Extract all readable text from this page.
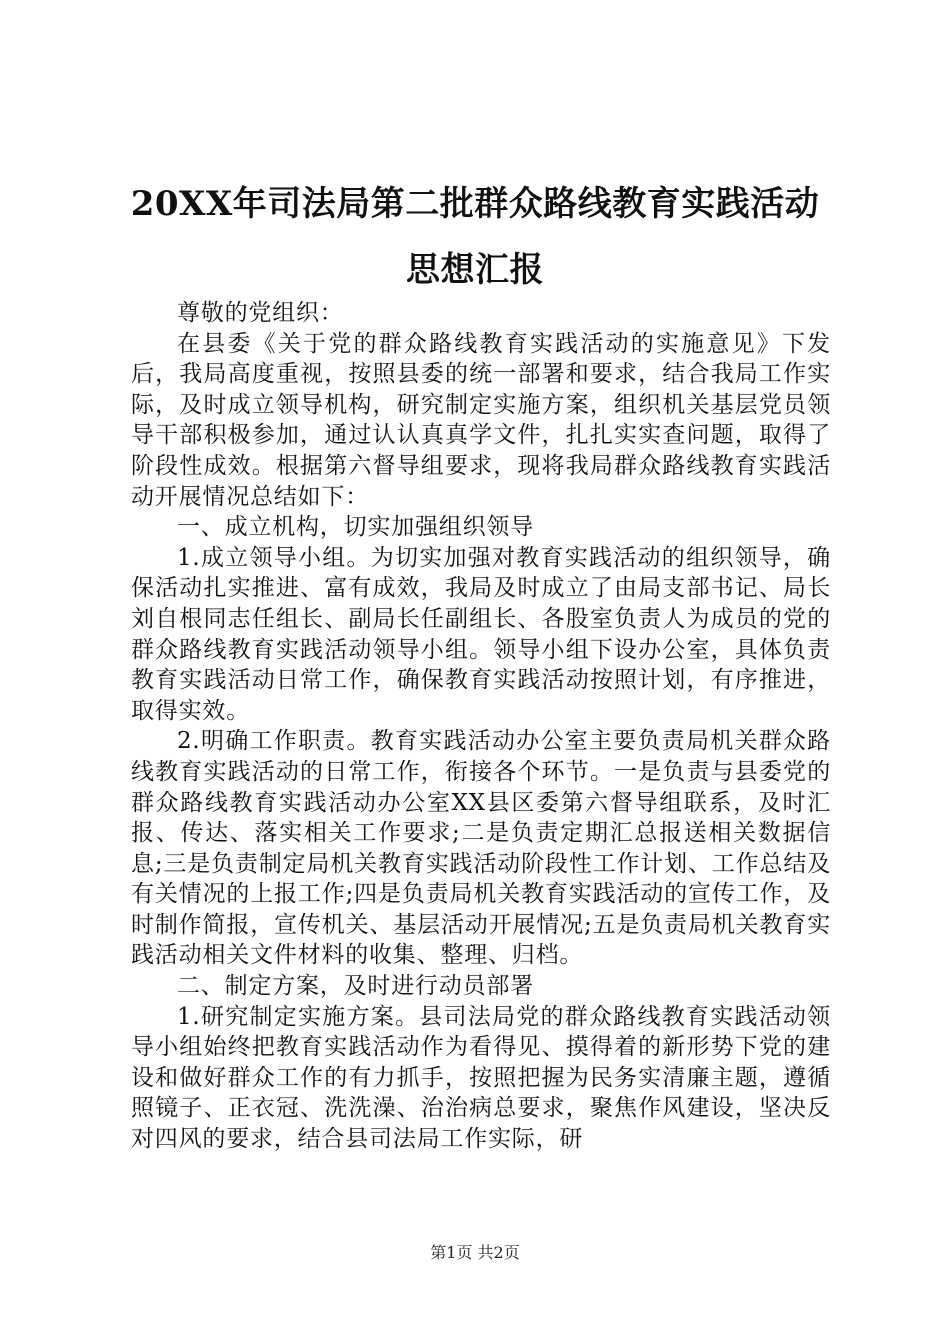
20XX年司法局第二批群众路线教育实践活动
思想汇报

尊敬的党组织：

在县委《关于党的群众路线教育实践活动的实施意见》下发后，我局高度重视，按照县委的统一部署和要求，结合我局工作实际，及时成立领导机构，研究制定实施方案，组织机关基层党员领导干部积极参加，通过认认真真学文件，扎扎实实查问题，取得了阶段性成效。根据第六督导组要求，现将我局群众路线教育实践活动开展情况总结如下：

一、成立机构，切实加强组织领导

1.成立领导小组。为切实加强对教育实践活动的组织领导，确保活动扎实推进、富有成效，我局及时成立了由局支部书记、局长刘自根同志任组长、副局长任副组长、各股室负责人为成员的党的群众路线教育实践活动领导小组。领导小组下设办公室，具体负责教育实践活动日常工作，确保教育实践活动按照计划，有序推进，取得实效。

2.明确工作职责。教育实践活动办公室主要负责局机关群众路线教育实践活动的日常工作，衔接各个环节。一是负责与县委党的群众路线教育实践活动办公室XX县区委第六督导组联系，及时汇报、传达、落实相关工作要求;二是负责定期汇总报送相关数据信息;三是负责制定局机关教育实践活动阶段性工作计划、工作总结及有关情况的上报工作;四是负责局机关教育实践活动的宣传工作，及时制作简报，宣传机关、基层活动开展情况;五是负责局机关教育实践活动相关文件材料的收集、整理、归档。

二、制定方案，及时进行动员部署

1.研究制定实施方案。县司法局党的群众路线教育实践活动领导小组始终把教育实践活动作为看得见、摸得着的新形势下党的建设和做好群众工作的有力抓手，按照把握为民务实清廉主题，遵循照镜子、正衣冠、洗洗澡、治治病总要求，聚焦作风建设，坚决反对四风的要求，结合县司法局工作实际，研

第1页 共2页
